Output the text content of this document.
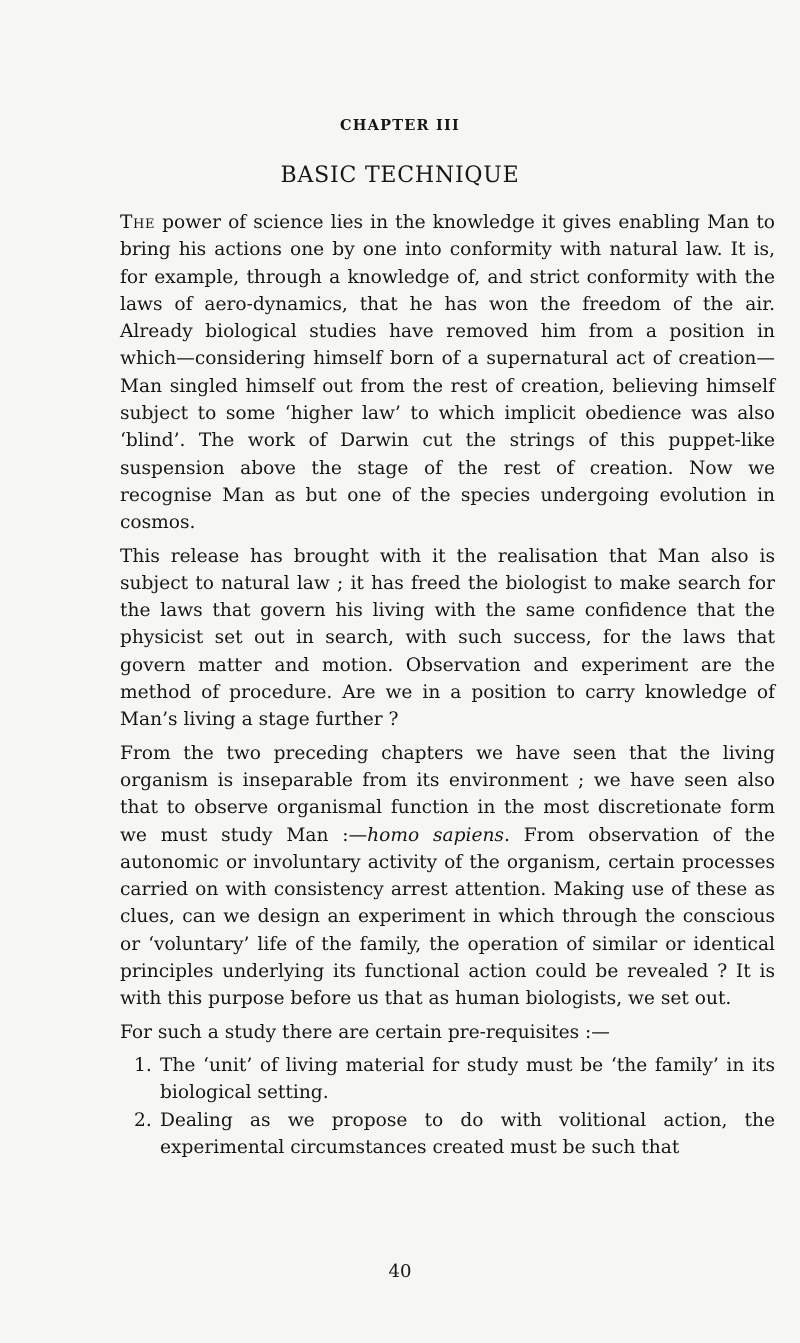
CHAPTER III
BASIC TECHNIQUE

The power of science lies in the knowledge it gives enabling Man to bring his actions one by one into conformity with natural law. It is, for example, through a knowledge of, and strict conformity with the laws of aero-dynamics, that he has won the freedom of the air. Already biological studies have removed him from a position in which—considering himself born of a supernatural act of creation—Man singled himself out from the rest of creation, believing himself subject to some ‘higher law’ to which implicit obedience was also ‘blind’. The work of Darwin cut the strings of this puppet-like suspension above the stage of the rest of creation. Now we recognise Man as but one of the species undergoing evolution in cosmos.

This release has brought with it the realisation that Man also is subject to natural law ; it has freed the biologist to make search for the laws that govern his living with the same confidence that the physicist set out in search, with such success, for the laws that govern matter and motion. Observation and experiment are the method of procedure. Are we in a position to carry knowledge of Man’s living a stage further ?

From the two preceding chapters we have seen that the living organism is inseparable from its environment ; we have seen also that to observe organismal function in the most discretionate form we must study Man :—homo sapiens. From observation of the autonomic or involuntary activity of the organism, certain processes carried on with consistency arrest attention. Making use of these as clues, can we design an experiment in which through the conscious or ‘voluntary’ life of the family, the operation of similar or identical principles underlying its functional action could be revealed ? It is with this purpose before us that as human biologists, we set out.

For such a study there are certain pre-requisites :—

1. The ‘unit’ of living material for study must be ‘the family’ in its biological setting.
2. Dealing as we propose to do with volitional action, the experimental circumstances created must be such that
40
